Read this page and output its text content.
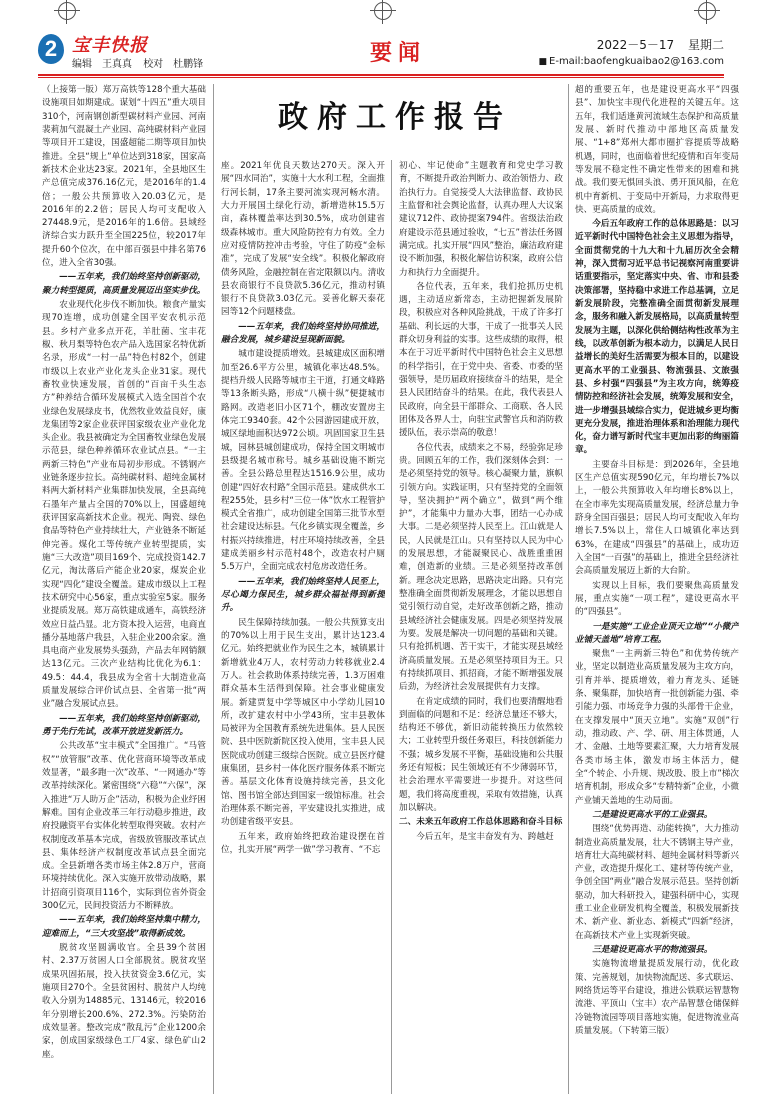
2 宝丰快报
编辑　王真真 校对　杜鹏锋	要闻	2022－5－17 星期二
■ E-mail:baofengkuaibao2@163.com
政府工作报告

（上接第一版）郑万高铁等128个重大基础设施项目如期建成。谋划“十四五”重大项目310个，河南钢创新型碳材料产业园、河南裴莉加气混凝土产业园、高纯碳材料产业园等项目开工建设，国盛超能二期等项目加快推进。全县“规上”单位达到318家，国家高新技术企业达23家。2021年，全县地区生产总值完成376.16亿元，是2016年的1.4倍；一般公共预算收入20.03亿元，是2016年的2.2倍；居民人均可支配收入27448.9元，是2016年的1.6倍。县域经济综合实力跃升至全国225位，较2017年提升60个位次，在中部百强县中排名第76位，进入全省30强。

——五年来，我们始终坚持创新驱动，聚力转型提质，高质量发展迈出坚实步伐。

农业现代化步伐不断加快。粮食产量实现70连增，成功创建全国平安农机示范县。乡村产业多点开花，羊肚菌、宝丰花椒、秋月梨等特色农产品入选国家名特优新名录，形成“一村一品”特色村82个，创建市级以上农业产业化龙头企业31家。现代畜牧业快速发展，首创的“百亩千头生态方”种养结合循环发展模式入选全国首个农业绿色发展绿皮书，优然牧业效益良好，康龙集团等2家企业获评国家级农业产业化龙头企业。我县被确定为全国畜牧业绿色发展示范县，绿色种养循环农业试点县。“一主两新三特色”产业布局初步形成。不锈钢产业链条逐步拉长。高纯碳材料、超纯金属材料两大新材料产业集群加快发展，全县高纯石墨年产量占全国的70%以上，国盛超纯获评国家高新技术企业。视光、陶瓷、绿色食品等特色产业持续壮大，产业链条不断延伸完善。煤化工等传统产业转型提质，实施“三大改造”项目169个、完成投资142.7亿元，淘汰落后产能企业20家，煤炭企业实现“四化”建设全覆盖。建成市级以上工程技术研究中心56家，重点实验室5家。服务业提质发展。郑万高铁建成通车，高铁经济效应日益凸显。北方资本投入运营，电商直播分基地落户我县，入驻企业200余家。渔具电商产业发展势头强劲，产品去年网销额达13亿元。三次产业结构比优化为6.1：49.5：44.4，我县成为全省十大制造业高质量发展综合评价试点县、全省第一批“两业”融合发展试点县。

——五年来，我们始终坚持创新驱动，勇于先行先试，改革开放迸发新活力。

公共改革“宝丰模式”全国推广。“马管权”“放管服”改革、优化营商环境等改革成效显著，“最多跑一次”改革、“一网通办”等改革持续深化。紧密围绕“六稳”“六保”，深入推进“万人助万企”活动，积极为企业纾困解难。国有企业改革三年行动稳步推进，政府投融资平台实体化转型取得突破。农村产权制度改革基本完成，省级放管服改革试点县、集体经济产权制度改革试点县全面完成。全县新增各类市场主体2.8万户，营商环境持续优化。深入实施开放带动战略，累计招商引资项目116个，实际到位省外资金300亿元，民间投资活力不断释放。

——五年来，我们始终坚持集中精力，迎难而上，“三大攻坚战”取得新成效。

脱贫攻坚圆满收官。全县39个贫困村、2.37万贫困人口全部脱贫。脱贫攻坚成果巩固拓展，投入扶贫资金3.6亿元，实施项目270个。全县贫困村、脱贫户人均纯收入分别为14885元、13146元，较2016年分别增长200.6%、272.3%。污染防治成效显著。整改完成“散乱污”企业1200余家，创成国家级绿色工厂4家、绿色矿山2座。

座。2021年优良天数达270天。深入开展“四水同治”，实施十大水利工程，全面推行河长制，17条主要河流实现河畅水清。大力开展国土绿化行动，新增造林15.5万亩，森林覆盖率达到30.5%，成功创建省级森林城市。重大风险防控有力有效。全力应对疫情防控冲击考验，守住了防疫“金标准”，完成了发展“安全线”。积极化解政府债务风险，金融控制在省定限额以内。清收县农商银行不良贷款5.36亿元，推动村镇银行不良贷款3.03亿元。妥善化解天泰花园等12个问题楼盘。

——五年来，我们始终坚持协同推进，融合发展，城乡建设呈现新面貌。

城市建设提质增效。县城建成区面积增加至26.6平方公里，城镇化率达48.5%。提档升级人民路等城市主干道，打通文峰路等13条断头路，形成“八横十纵”便捷城市路网。改造老旧小区71个，棚改安置房主体完工9340套。42个公园游园建成开放，城区绿地面积达972公顷。巩固国家卫生县城，园林县城创建成功，保持全国文明城市县级提名城市称号。城乡基础设施不断完善。全县公路总里程达1516.9公里，成功创建“四好农村路”全国示范县。建成供水工程255处，县乡村“三位一体”饮水工程管护模式全省推广，成功创建全国第三批节水型社会建设达标县。气化乡镇实现全覆盖，乡村振兴持续推进，村庄环境持续改善，全县建成美丽乡村示范村48个，改造农村户厕5.5万户，全面完成农村危房改造任务。

——五年来，我们始终坚持人民至上，尽心竭力保民生，城乡群众福祉得到新提升。

民生保障持续加强。一般公共预算支出的70%以上用于民生支出，累计达123.4亿元。始终把就业作为民生之本，城镇累计新增就业4万人，农村劳动力转移就业2.4万人。社会救助体系持续完善，1.3万困难群众基本生活得到保障。社会事业健康发展。新建贾复中学等城区中小学幼儿园10所，改扩建农村中小学43所，宝丰县教体局被评为全国教育系统先进集体。县人民医院、县中医院新院区投入使用，宝丰县人民医院成功创建三级综合医院。成立县医疗健康集团，县乡村一体化医疗服务体系不断完善。基层文化体育设施持续完善，县文化馆、图书馆全部达到国家一级馆标准。社会治理体系不断完善，平安建设扎实推进，成功创建省级平安县。

五年来，政府始终把政治建设摆在首位，扎实开展“两学一做”学习教育、“不忘

初心、牢记使命”主题教育和党史学习教育，不断提升政治判断力、政治领悟力、政治执行力。自觉接受人大法律监督、政协民主监督和社会舆论监督，认真办理人大议案建议712件、政协提案794件。省级法治政府建设示范县通过验收，“七五”普法任务圆满完成。扎实开展“四风”整治，廉洁政府建设不断加强，积极化解信访积案，政府公信力和执行力全面提升。

各位代表，五年来，我们抢抓历史机遇，主动适应新常态，主动把握新发展阶段，积极应对各种风险挑战，干成了许多打基础、利长远的大事，干成了一批事关人民群众切身利益的实事。这些成绩的取得，根本在于习近平新时代中国特色社会主义思想的科学指引，在于党中央、省委、市委的坚强领导，是历届政府接续奋斗的结果，是全县人民团结奋斗的结果。在此，我代表县人民政府，向全县干部群众、工商联、各人民团体及各界人士，向驻宝武警官兵和消防救援队伍，表示崇高的敬意！

各位代表，成绩来之不易，经验弥足珍贵。回顾五年的工作，我们深刻体会到：一是必须坚持党的领导。核心凝聚力量，旗帜引领方向。实践证明，只有坚持党的全面领导，坚决拥护“两个确立”，做到“两个维护”，才能集中力量办大事，团结一心办成大事。二是必须坚持人民至上。江山就是人民，人民就是江山。只有坚持以人民为中心的发展思想，才能凝聚民心、战胜重重困难，创造新的业绩。三是必须坚持改革创新。理念决定思路，思路决定出路。只有完整准确全面贯彻新发展理念，才能以思想自觉引领行动自觉，走好改革创新之路，推动县域经济社会健康发展。四是必须坚持发展为要。发展是解决一切问题的基础和关键。只有抢抓机遇、苦干实干，才能实现县域经济高质量发展。五是必须坚持项目为王。只有持续抓项目、抓招商，才能不断增强发展后劲，为经济社会发展提供有力支撑。

在肯定成绩的同时，我们也要清醒地看到面临的问题和不足：经济总量还不够大，结构还不够优，新旧动能转换压力依然较大；工业转型升级任务艰巨，科技创新能力不强；城乡发展不平衡，基础设施和公共服务还有短板；民生领域还有不少薄弱环节，社会治理水平需要进一步提升。对这些问题，我们将高度重视，采取有效措施，认真加以解决。

二、未来五年政府工作总体思路和奋斗目标

今后五年，是宝丰奋发有为、跨越赶

超的重要五年，也是建设更高水平“四强县”、加快宝丰现代化进程的关键五年。这五年，我们适逢黄河流域生态保护和高质量发展、新时代推动中部地区高质量发展、“1+8”郑州大都市圈扩容提质等战略机遇，同时，也面临着世纪疫情和百年变局等发展不稳定性不确定性带来的困难和挑战。我们要无惧回头浪、勇开顶风船，在危机中育新机、于变局中开新局，力求取得更快、更高质量的成效。

今后五年政府工作的总体思路是：以习近平新时代中国特色社会主义思想为指导，全面贯彻党的十九大和十九届历次全会精神，深入贯彻习近平总书记视察河南重要讲话重要指示，坚定落实中央、省、市和县委决策部署，坚持稳中求进工作总基调，立足新发展阶段，完整准确全面贯彻新发展理念，服务和融入新发展格局，以高质量转型发展为主题，以深化供给侧结构性改革为主线，以改革创新为根本动力，以满足人民日益增长的美好生活需要为根本目的，以建设更高水平的工业强县、物流强县、文旅强县、乡村强“四强县”为主攻方向，统筹疫情防控和经济社会发展，统筹发展和安全，进一步增强县域综合实力，促进城乡更均衡更充分发展，推进治理体系和治理能力现代化，奋力谱写新时代宝丰更加出彩的绚丽篇章。

主要奋斗目标是：到2026年，全县地区生产总值实现590亿元，年均增长7%以上，一般公共预算收入年均增长8%以上，在全市率先实现高质量发展，经济总量力争跻身全国百强县；居民人均可支配收入年均增长7.5%以上，常住人口城镇化率达到63%，在建成“四强县”的基础上，成功迈入全国“一百强”的基础上，推进全县经济社会高质量发展迈上新的大台阶。

实现以上目标，我们要聚焦高质量发展，重点实施“一项工程”，建设更高水平的“四强县”。

一是实施“工业企业顶天立地”“小微产业铺天盖地”培育工程。

聚焦“一主两新三特色”和优势传统产业，坚定以制造业高质量发展为主攻方向，引育并举、提质增效，着力育龙头、延链条、聚集群，加快培育一批创新能力强、牵引能力强、市场竞争力强的头部骨干企业，在支撑发展中“顶天立地”。实施“双创”行动，推动政、产、学、研、用主体贯通，人才、金融、土地等要素汇聚，大力培育发展各类市场主体，激发市场主体活力，健全“个转企、小升规、规改股、股上市”梯次培育机制，形成众多“专精特新”企业，小微产业铺天盖地的生动局面。

二是建设更高水平的工业强县。

围绕“优势再造、动能转换”，大力推动制造业高质量发展，壮大不锈钢主导产业，培育壮大高纯碳材料、超纯金属材料等新兴产业，改造提升煤化工、建材等传统产业，争创全国“两业”融合发展示范县。坚持创新驱动，加大科研投入，建强科研中心，实现重工业企业研发机构全覆盖，积极发展新技术、新产业、新业态、新模式“四新”经济，在高新技术产业上实现新突破。

三是建设更高水平的物流强县。

实施物流增量提质发展行动，优化政策、完善规划，加快物流配送、多式联运、网络货运等平台建设，推进公铁联运智慧物流港、平顶山（宝丰）农产品智慧仓储保鲜冷链物流园等项目落地实施，促进物流业高质量发展。（下转第三版）
